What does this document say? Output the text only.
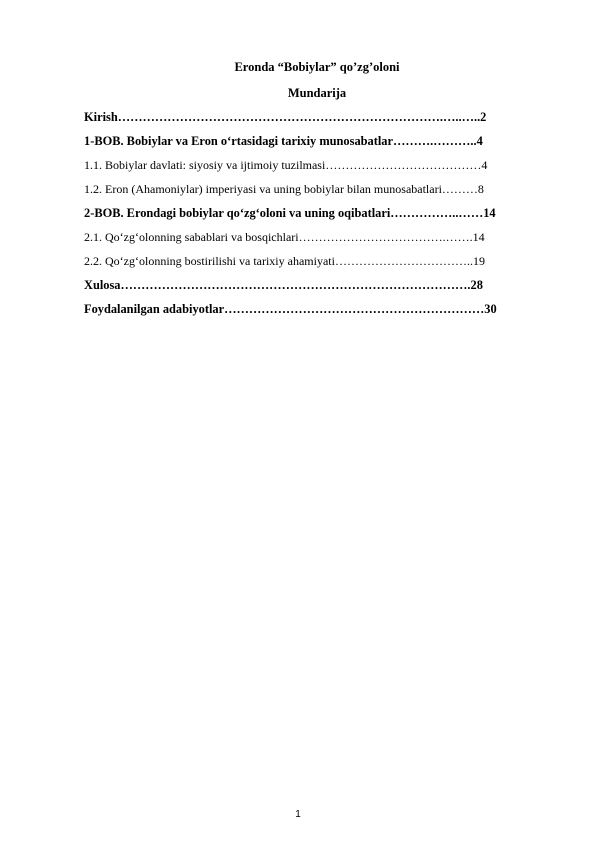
Eronda “Bobiylar” qo’zg’oloni

Mundarija

Kirish…………………………………………………………………….…..…..2
1-BOB. Bobiylar va Eron o‘rtasidagi tarixiy munosabatlar……….………..4
1.1. Bobiylar davlati: siyosiy va ijtimoiy tuzilmasi…………………………………4
1.2. Eron (Ahamoniylar) imperiyasi va uning bobiylar bilan munosabatlari………8
2-BOB. Erondagi bobiylar qo‘zg‘oloni va uning oqibatlari……………..……14
2.1. Qo‘zg‘olonning sabablari va bosqichlari……………………………….…….14
2.2. Qo‘zg‘olonning bostirilishi va tarixiy ahamiyati……………………………..19
Xulosa………………………………………………………………………….28
Foydalanilgan adabiyotlar………………………………………………………30
1
